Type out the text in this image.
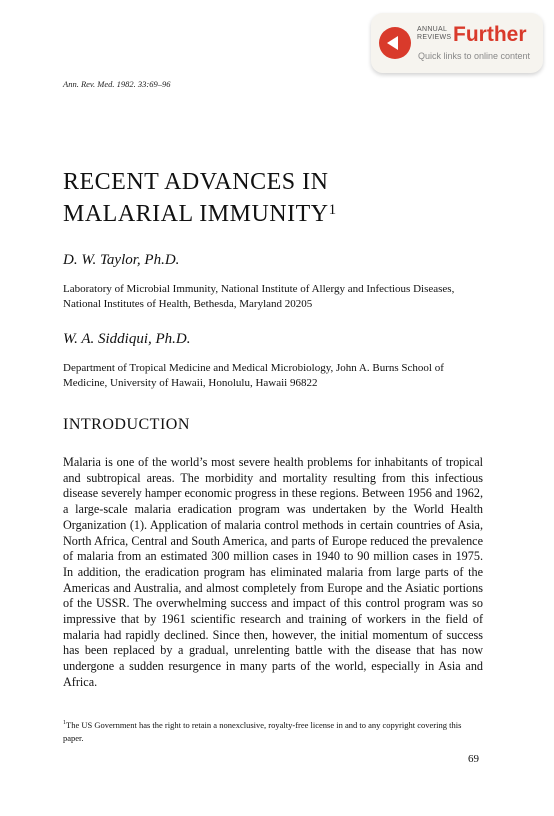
ANNUAL
REVIEWS Further
Quick links to online content
Ann. Rev. Med. 1982. 33:69–96
RECENT ADVANCES IN
MALARIAL IMMUNITY$^1$
D. W. Taylor, Ph.D.
Laboratory of Microbial Immunity, National Institute of Allergy and Infectious Diseases, National Institutes of Health, Bethesda, Maryland 20205
W. A. Siddiqui, Ph.D.
Department of Tropical Medicine and Medical Microbiology, John A. Burns School of Medicine, University of Hawaii, Honolulu, Hawaii 96822
INTRODUCTION
Malaria is one of the world’s most severe health problems for inhabitants of tropical and subtropical areas. The morbidity and mortality resulting from this infectious disease severely hamper economic progress in these regions. Between 1956 and 1962, a large-scale malaria eradication program was undertaken by the World Health Organization (1). Application of malaria control methods in certain countries of Asia, North Africa, Central and South America, and parts of Europe reduced the prevalence of malaria from an estimated 300 million cases in 1940 to 90 million cases in 1975. In addition, the eradication program has eliminated malaria from large parts of the Americas and Australia, and almost completely from Europe and the Asiatic portions of the USSR. The overwhelming success and impact of this control program was so impressive that by 1961 scientific research and training of workers in the field of malaria had rapidly declined. Since then, however, the initial momentum of success has been replaced by a gradual, unrelenting battle with the disease that has now undergone a sudden resurgence in many parts of the world, especially in Asia and Africa.
$^1$The US Government has the right to retain a nonexclusive, royalty-free license in and to any copyright covering this paper.
69
